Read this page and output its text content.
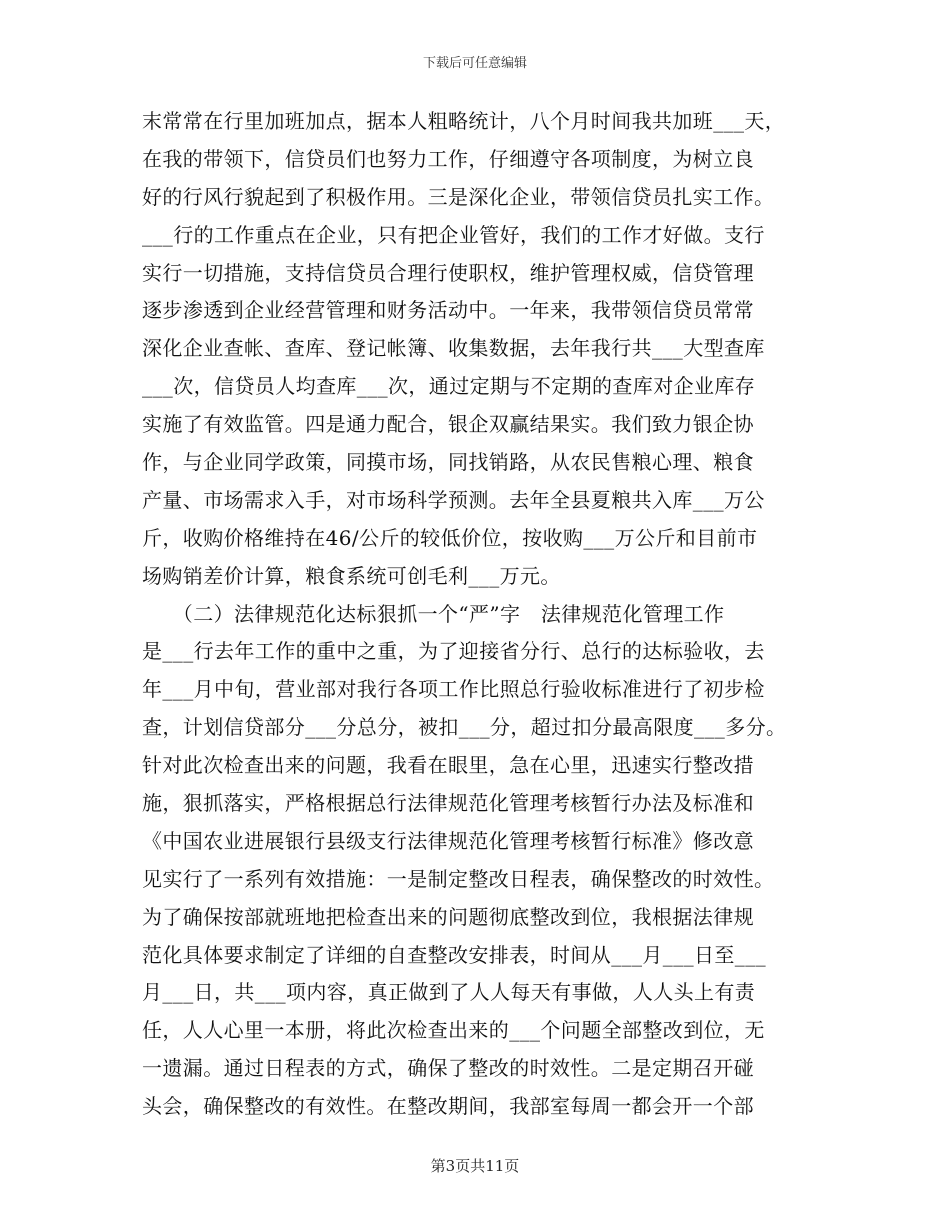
下载后可任意编辑
末常常在行里加班加点，据本人粗略统计，八个月时间我共加班___天，
在我的带领下，信贷员们也努力工作，仔细遵守各项制度，为树立良
好的行风行貌起到了积极作用。三是深化企业，带领信贷员扎实工作。
___行的工作重点在企业，只有把企业管好，我们的工作才好做。支行
实行一切措施，支持信贷员合理行使职权，维护管理权威，信贷管理
逐步渗透到企业经营管理和财务活动中。一年来，我带领信贷员常常
深化企业查帐、查库、登记帐簿、收集数据，去年我行共___大型查库
___次，信贷员人均查库___次，通过定期与不定期的查库对企业库存
实施了有效监管。四是通力配合，银企双赢结果实。我们致力银企协
作，与企业同学政策，同摸市场，同找销路，从农民售粮心理、粮食
产量、市场需求入手，对市场科学预测。去年全县夏粮共入库___万公
斤，收购价格维持在46/公斤的较低价位，按收购___万公斤和目前市
场购销差价计算，粮食系统可创毛利___万元。
　　（二）法律规范化达标狠抓一个“严”字　法律规范化管理工作
是___行去年工作的重中之重，为了迎接省分行、总行的达标验收，去
年___月中旬，营业部对我行各项工作比照总行验收标准进行了初步检
查，计划信贷部分___分总分，被扣___分，超过扣分最高限度___多分。
针对此次检查出来的问题，我看在眼里，急在心里，迅速实行整改措
施，狠抓落实，严格根据总行法律规范化管理考核暂行办法及标准和
《中国农业进展银行县级支行法律规范化管理考核暂行标准》修改意
见实行了一系列有效措施：一是制定整改日程表，确保整改的时效性。
为了确保按部就班地把检查出来的问题彻底整改到位，我根据法律规
范化具体要求制定了详细的自查整改安排表，时间从___月___日至___
月___日，共___项内容，真正做到了人人每天有事做，人人头上有责
任，人人心里一本册，将此次检查出来的___个问题全部整改到位，无
一遗漏。通过日程表的方式，确保了整改的时效性。二是定期召开碰
头会，确保整改的有效性。在整改期间，我部室每周一都会开一个部
第3页共11页
